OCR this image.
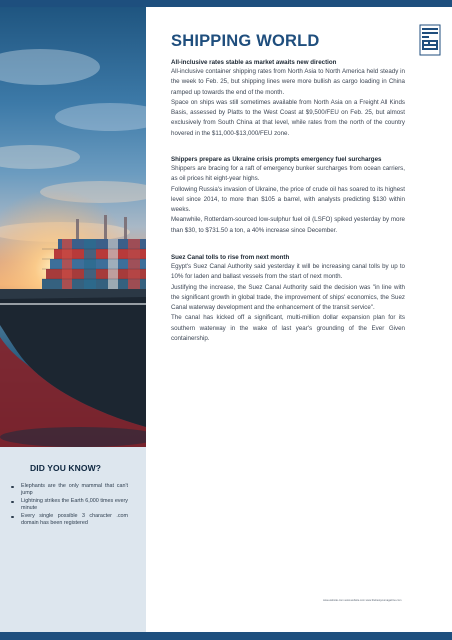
DID YOU KNOW?
Elephants are the only mammal that can't jump
Lightning strikes the Earth 6,000 times every minute
Every single possible 3 character .com domain has been registered
SHIPPING WORLD
All-inclusive rates stable as market awaits new direction

All-inclusive container shipping rates from North Asia to North America held steady in the week to Feb. 25, but shipping lines were more bullish as cargo loading in China ramped up towards the end of the month.

Space on ships was still sometimes available from North Asia on a Freight All Kinds Basis, assessed by Platts to the West Coast at $9,500/FEU on Feb. 25, but almost exclusively from South China at that level, while rates from the north of the country hovered in the $11,000-$13,000/FEU zone.

Shippers prepare as Ukraine crisis prompts emergency fuel surcharges

Shippers are bracing for a raft of emergency bunker surcharges from ocean carriers, as oil prices hit eight-year highs.

Following Russia's invasion of Ukraine, the price of crude oil has soared to its highest level since 2014, to more than $105 a barrel, with analysts predicting $130 within weeks.

Meanwhile, Rotterdam-sourced low-sulphur fuel oil (LSFO) spiked yesterday by more than $30, to $731.50 a ton, a 40% increase since December.

Suez Canal tolls to rise from next month

Egypt's Suez Canal Authority said yesterday it will be increasing canal tolls by up to 10% for laden and ballast vessels from the start of next month.

Justifying the increase, the Suez Canal Authority said the decision was "in line with the significant growth in global trade, the improvement of ships' economics, the Suez Canal waterway development and the enhancement of the transit service".

The canal has kicked off a significant, multi-million dollar expansion plan for its southern waterway in the wake of last year's grounding of the Ever Given containership.

www.website.com www.website.com www.thebestyoumagazine.com
